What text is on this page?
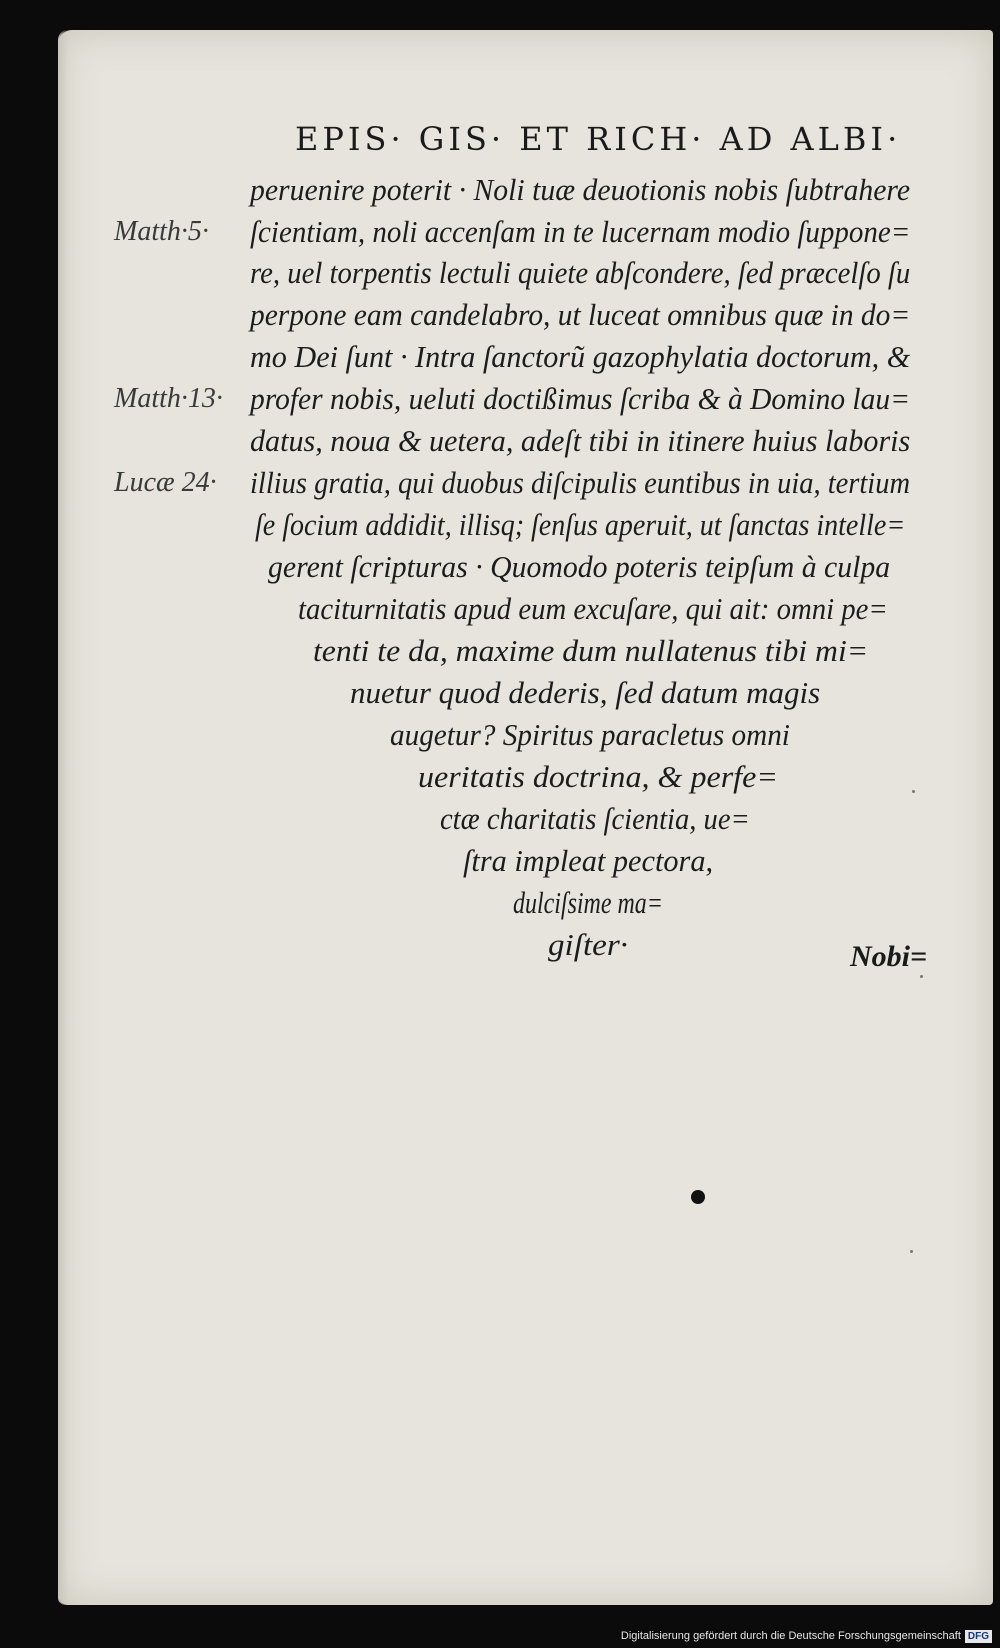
EPIS· GIS· ET RICH· AD ALBI·
peruenire poterit · Noli tuæ deuotionis nobis ſubtrahere
ſcientiam, noli accenſam in te lucernam modio ſuppone=
re, uel torpentis lectuli quiete abſcondere, ſed præcelſo ſu
perpone eam candelabro, ut luceat omnibus quæ in do=
mo Dei ſunt · Intra ſanctorũ gazophylatia doctorum, &
profer nobis, ueluti doctißimus ſcriba & à Domino lau=
datus, noua & uetera, adeſt tibi in itinere huius laboris
illius gratia, qui duobus diſcipulis euntibus in uia, tertium
ſe ſocium addidit, illisq; ſenſus aperuit, ut ſanctas intelle=
gerent ſcripturas · Quomodo poteris teipſum à culpa
taciturnitatis apud eum excuſare, qui ait: omni pe=
tenti te da, maxime dum nullatenus tibi mi=
nuetur quod dederis, ſed datum magis
augetur? Spiritus paracletus omni
ueritatis doctrina, & perfe=
ctæ charitatis ſcientia, ue=
ſtra impleat pectora,
dulciſsime ma=
giſter·
Matth·5·
Matth·13·
Lucæ 24·
Nobi=
Digitalisierung gefördert durch die Deutsche Forschungsgemeinschaft DFG
